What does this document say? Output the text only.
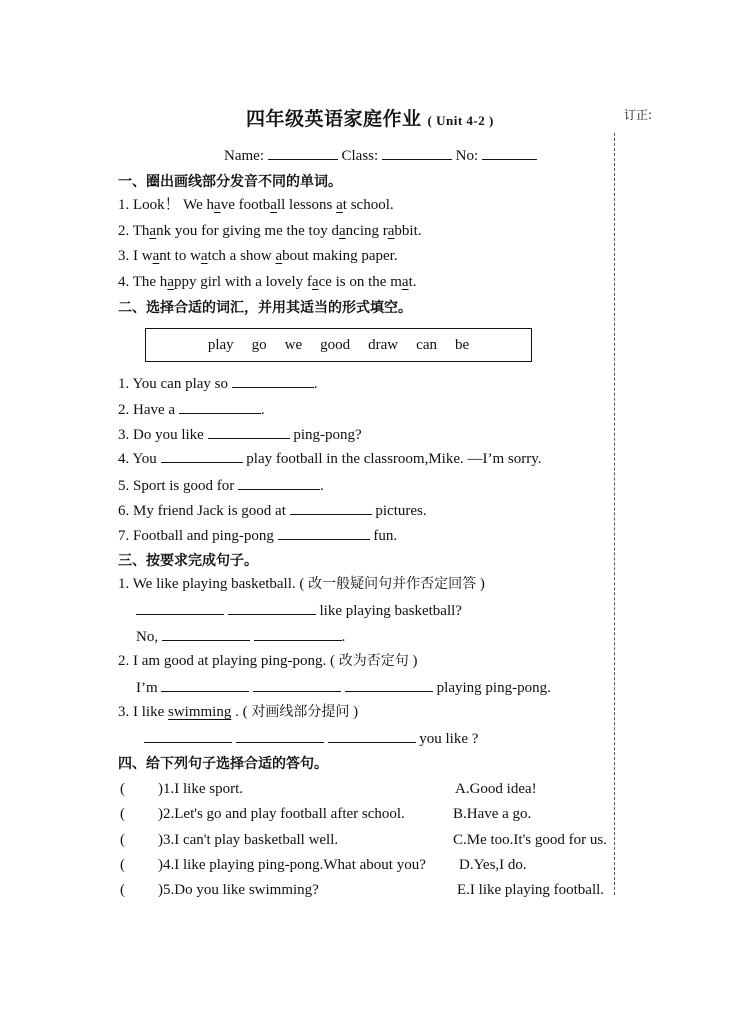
四年级英语家庭作业 ( Unit 4-2 )	订正:
Name:	Class:	No:
一、圈出画线部分发音不同的单词。
1. Look！ We have football lessons at school.
2. Thank you for giving me the toy dancing rabbit.
3. I want to watch a show about making paper.
4. The happy girl with a lovely face is on the mat.
二、选择合适的词汇，并用其适当的形式填空。
play go we good draw can be
1. You can play so	.
2. Have a	.
3. Do you like	ping-pong?
4. You	play football in the classroom,Mike. —I’m sorry.
5. Sport is good for	.
6. My friend Jack is good at	pictures.
7. Football and ping-pong	fun.
三、按要求完成句子。
1. We like playing basketball. ( 改一般疑问句并作否定回答 )
like playing basketball?
No,	.
2. I am good at playing ping-pong. ( 改为否定句 )
I’m	playing ping-pong.
3. I like swimming . ( 对画线部分提问 )
you like ?
四、给下列句子选择合适的答句。
( )1.I like sport.	A.Good idea!
( )2.Let's go and play football after school.	B.Have a go.
( )3.I can't play basketball well.	C.Me too.It's good for us.
( )4.I like playing ping-pong.What about you? D.Yes,I do.
( )5.Do you like swimming?	E.I like playing football.
